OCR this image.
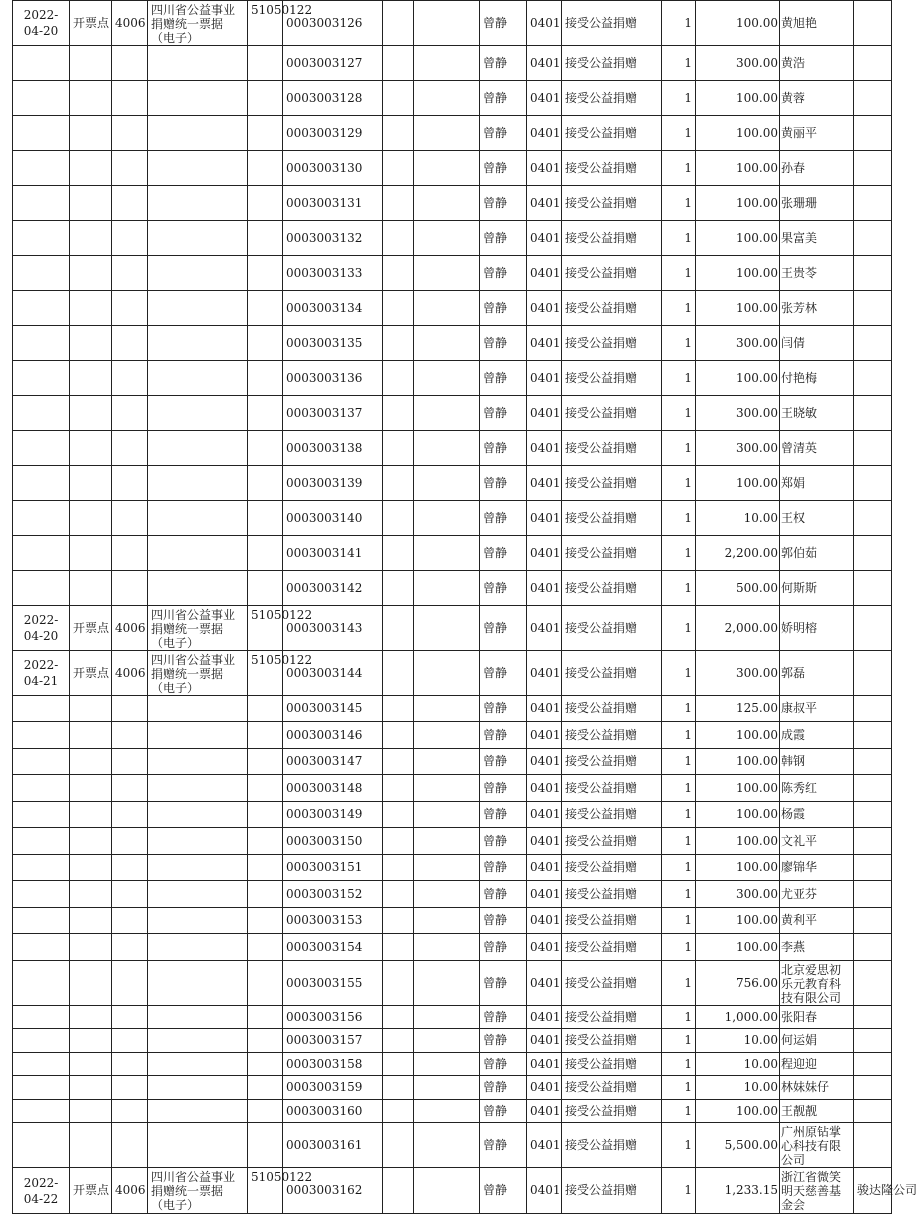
2022-04-20	开票点	4006	四川省公益事业捐赠统一票据（电子）	51050122	0003003126			曾静	0401	接受公益捐赠	1	100.00	黄旭艳	
					0003003127			曾静	0401	接受公益捐赠	1	300.00	黄浩	
					0003003128			曾静	0401	接受公益捐赠	1	100.00	黄蓉	
					0003003129			曾静	0401	接受公益捐赠	1	100.00	黄丽平	
					0003003130			曾静	0401	接受公益捐赠	1	100.00	孙春	
					0003003131			曾静	0401	接受公益捐赠	1	100.00	张珊珊	
					0003003132			曾静	0401	接受公益捐赠	1	100.00	果富美	
					0003003133			曾静	0401	接受公益捐赠	1	100.00	王贵苓	
					0003003134			曾静	0401	接受公益捐赠	1	100.00	张芳林	
					0003003135			曾静	0401	接受公益捐赠	1	300.00	闫倩	
					0003003136			曾静	0401	接受公益捐赠	1	100.00	付艳梅	
					0003003137			曾静	0401	接受公益捐赠	1	300.00	王晓敏	
					0003003138			曾静	0401	接受公益捐赠	1	300.00	曾清英	
					0003003139			曾静	0401	接受公益捐赠	1	100.00	郑娟	
					0003003140			曾静	0401	接受公益捐赠	1	10.00	王权	
					0003003141			曾静	0401	接受公益捐赠	1	2,200.00	郭伯茹	
					0003003142			曾静	0401	接受公益捐赠	1	500.00	何斯斯	
2022-04-20	开票点	4006	四川省公益事业捐赠统一票据（电子）	51050122	0003003143			曾静	0401	接受公益捐赠	1	2,000.00	娇明榕	
2022-04-21	开票点	4006	四川省公益事业捐赠统一票据（电子）	51050122	0003003144			曾静	0401	接受公益捐赠	1	300.00	郭磊	
					0003003145			曾静	0401	接受公益捐赠	1	125.00	康叔平	
					0003003146			曾静	0401	接受公益捐赠	1	100.00	成霞	
					0003003147			曾静	0401	接受公益捐赠	1	100.00	韩钢	
					0003003148			曾静	0401	接受公益捐赠	1	100.00	陈秀红	
					0003003149			曾静	0401	接受公益捐赠	1	100.00	杨霞	
					0003003150			曾静	0401	接受公益捐赠	1	100.00	文礼平	
					0003003151			曾静	0401	接受公益捐赠	1	100.00	廖锦华	
					0003003152			曾静	0401	接受公益捐赠	1	300.00	尤亚芬	
					0003003153			曾静	0401	接受公益捐赠	1	100.00	黄利平	
					0003003154			曾静	0401	接受公益捐赠	1	100.00	李燕	
					0003003155			曾静	0401	接受公益捐赠	1	756.00	北京爱思初乐元教育科技有限公司	
					0003003156			曾静	0401	接受公益捐赠	1	1,000.00	张阳春	
					0003003157			曾静	0401	接受公益捐赠	1	10.00	何运娟	
					0003003158			曾静	0401	接受公益捐赠	1	10.00	程迎迎	
					0003003159			曾静	0401	接受公益捐赠	1	10.00	林妹妹仔	
					0003003160			曾静	0401	接受公益捐赠	1	100.00	王靓靓	
					0003003161			曾静	0401	接受公益捐赠	1	5,500.00	广州原钻掌心科技有限公司	
2022-04-22	开票点	4006	四川省公益事业捐赠统一票据（电子）	51050122	0003003162			曾静	0401	接受公益捐赠	1	1,233.15	浙江省微笑明天慈善基金会	骏达隆公司
